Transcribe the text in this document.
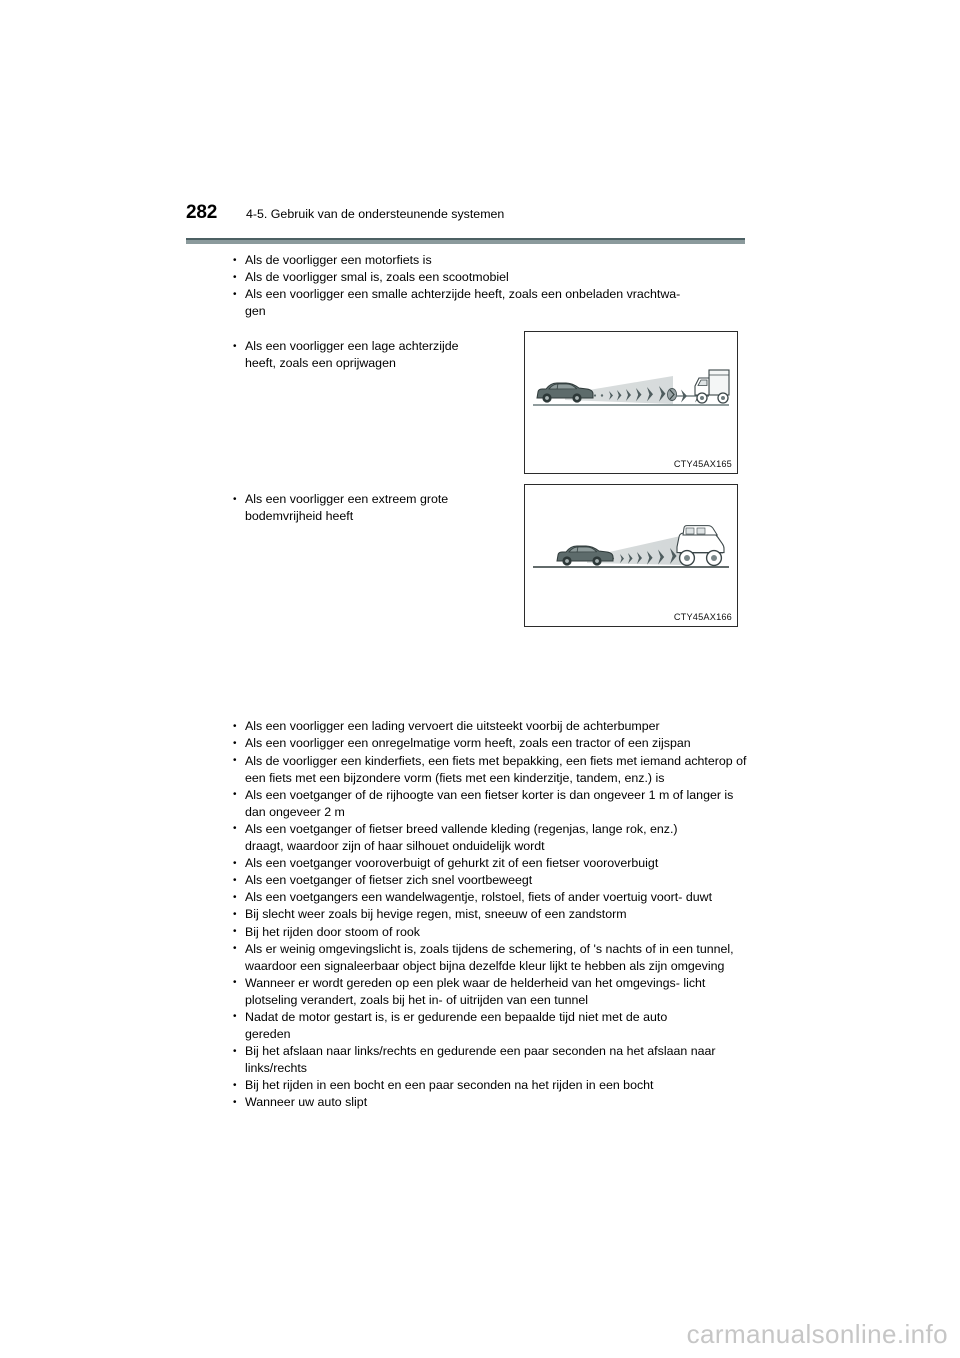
282 4-5. Gebruik van de ondersteunende systemen
• Als de voorligger een motorfiets is
• Als de voorligger smal is, zoals een scootmobiel
• Als een voorligger een smalle achterzijde heeft, zoals een onbeladen vrachtwa-
gen
• Als een voorligger een lage achterzijde
heeft, zoals een oprijwagen
CTY45AX165
• Als een voorligger een extreem grote
bodemvrijheid heeft
CTY45AX166
• Als een voorligger een lading vervoert die uitsteekt voorbij de achterbumper
• Als een voorligger een onregelmatige vorm heeft, zoals een tractor of een zijspan
• Als de voorligger een kinderfiets, een fiets met bepakking, een fiets met iemand achterop of een fiets met een bijzondere vorm (fiets met een kinderzitje, tandem, enz.) is
• Als een voetganger of de rijhoogte van een fietser korter is dan ongeveer 1 m of langer is dan ongeveer 2 m
• Als een voetganger of fietser breed vallende kleding (regenjas, lange rok, enz.)
draagt, waardoor zijn of haar silhouet onduidelijk wordt
• Als een voetganger vooroverbuigt of gehurkt zit of een fietser vooroverbuigt
• Als een voetganger of fietser zich snel voortbeweegt
• Als een voetgangers een wandelwagentje, rolstoel, fiets of ander voertuig voort- duwt
• Bij slecht weer zoals bij hevige regen, mist, sneeuw of een zandstorm
• Bij het rijden door stoom of rook
• Als er weinig omgevingslicht is, zoals tijdens de schemering, of 's nachts of in een tunnel, waardoor een signaleerbaar object bijna dezelfde kleur lijkt te hebben als zijn omgeving
• Wanneer er wordt gereden op een plek waar de helderheid van het omgevings- licht plotseling verandert, zoals bij het in- of uitrijden van een tunnel
• Nadat de motor gestart is, is er gedurende een bepaalde tijd niet met de auto
gereden
• Bij het afslaan naar links/rechts en gedurende een paar seconden na het afslaan naar links/rechts
• Bij het rijden in een bocht en een paar seconden na het rijden in een bocht
• Wanneer uw auto slipt
carmanualsonline.info
